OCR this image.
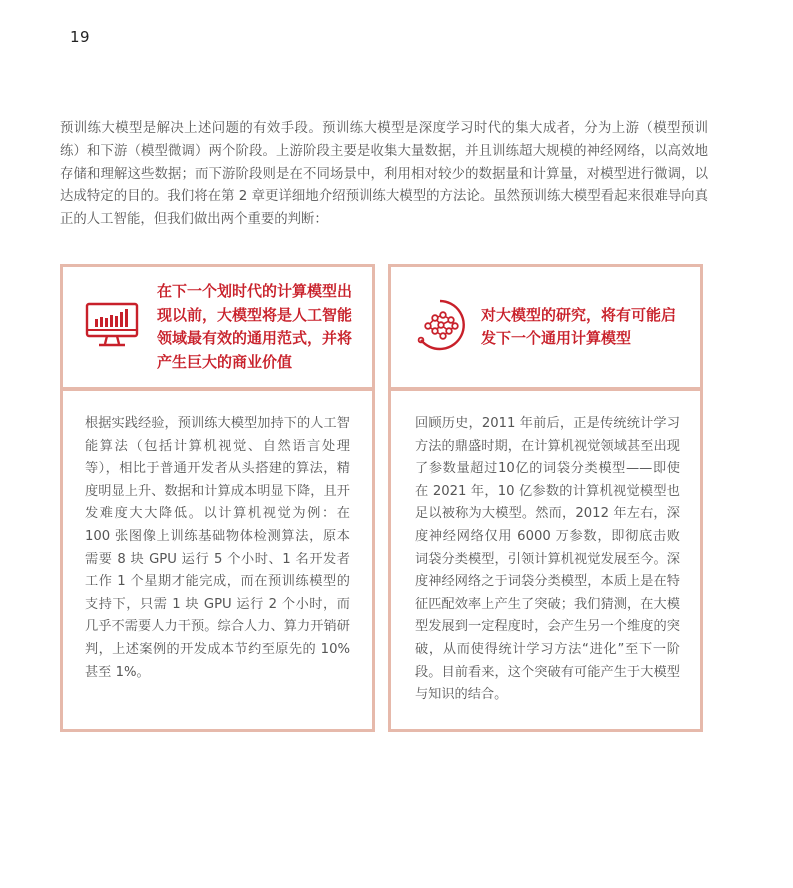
19

预训练大模型是解决上述问题的有效手段。预训练大模型是深度学习时代的集大成者，分为上游（模型预训练）和下游（模型微调）两个阶段。上游阶段主要是收集大量数据，并且训练超大规模的神经网络，以高效地存储和理解这些数据；而下游阶段则是在不同场景中，利用相对较少的数据量和计算量，对模型进行微调，以达成特定的目的。我们将在第 2 章更详细地介绍预训练大模型的方法论。虽然预训练大模型看起来很难导向真正的人工智能，但我们做出两个重要的判断：

在下一个划时代的计算模型出现以前，大模型将是人工智能领域最有效的通用范式，并将产生巨大的商业价值

对大模型的研究，将有可能启发下一个通用计算模型

根据实践经验，预训练大模型加持下的人工智能算法（包括计算机视觉、自然语言处理等），相比于普通开发者从头搭建的算法，精度明显上升、数据和计算成本明显下降，且开发难度大大降低。以计算机视觉为例：在 100 张图像上训练基础物体检测算法，原本需要 8 块 GPU 运行 5 个小时、1 名开发者工作 1 个星期才能完成，而在预训练模型的支持下，只需 1 块 GPU 运行 2 个小时，而几乎不需要人力干预。综合人力、算力开销研判，上述案例的开发成本节约至原先的 10% 甚至 1%。

回顾历史，2011 年前后，正是传统统计学习方法的鼎盛时期，在计算机视觉领域甚至出现了参数量超过10亿的词袋分类模型——即使在 2021 年，10 亿参数的计算机视觉模型也足以被称为大模型。然而，2012 年左右，深度神经网络仅用 6000 万参数，即彻底击败词袋分类模型，引领计算机视觉发展至今。深度神经网络之于词袋分类模型，本质上是在特征匹配效率上产生了突破；我们猜测，在大模型发展到一定程度时，会产生另一个维度的突破，从而使得统计学习方法“进化”至下一阶段。目前看来，这个突破有可能产生于大模型与知识的结合。
